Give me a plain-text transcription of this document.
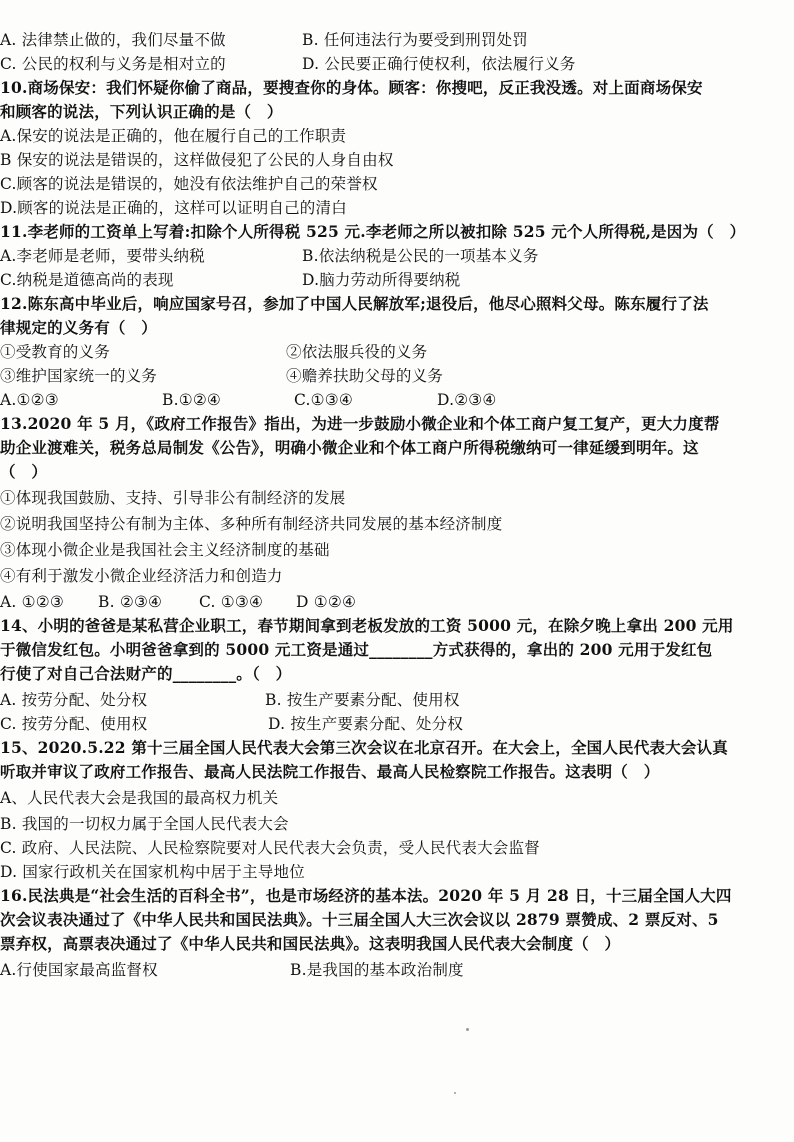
A. 法律禁止做的，我们尽量不做	B. 任何违法行为要受到刑罚处罚
C. 公民的权利与义务是相对立的	D. 公民要正确行使权利，依法履行义务
10.商场保安：我们怀疑你偷了商品，要搜查你的身体。顾客：你搜吧，反正我没透。对上面商场保安
和顾客的说法，下列认识正确的是（　）
A.保安的说法是正确的，他在履行自己的工作职责
B 保安的说法是错误的，这样做侵犯了公民的人身自由权
C.顾客的说法是错误的，她没有依法维护自己的荣誉权
D.顾客的说法是正确的，这样可以证明自己的清白
11.李老师的工资单上写着:扣除个人所得税 525 元.李老师之所以被扣除 525 元个人所得税,是因为（　）
A.李老师是老师，要带头纳税	B.依法纳税是公民的一项基本义务
C.纳税是道德高尚的表现	D.脑力劳动所得要纳税
12.陈东高中毕业后，响应国家号召，参加了中国人民解放军;退役后，他尽心照料父母。陈东履行了法
律规定的义务有（　）
①受教育的义务	②依法服兵役的义务
③维护国家统一的义务	④赡养扶助父母的义务
A.①②③	B.①②④	C.①③④	D.②③④
13.2020 年 5 月，《政府工作报告》指出，为进一步鼓励小微企业和个体工商户复工复产，更大力度帮
助企业渡难关，税务总局制发《公告》，明确小微企业和个体工商户所得税缴纳可一律延缓到明年。这
（　）
①体现我国鼓励、支持、引导非公有制经济的发展
②说明我国坚持公有制为主体、多种所有制经济共同发展的基本经济制度
③体现小微企业是我国社会主义经济制度的基础
④有利于激发小微企业经济活力和创造力
A. ①②③ B. ②③④ C. ①③④ D ①②④
14、小明的爸爸是某私营企业职工，春节期间拿到老板发放的工资 5000 元，在除夕晚上拿出 200 元用
于微信发红包。小明爸爸拿到的 5000 元工资是通过________方式获得的，拿出的 200 元用于发红包
行使了对自己合法财产的________。（　）
A. 按劳分配、处分权	B. 按生产要素分配、使用权
C. 按劳分配、使用权	D. 按生产要素分配、处分权
15、2020.5.22 第十三届全国人民代表大会第三次会议在北京召开。在大会上，全国人民代表大会认真
听取并审议了政府工作报告、最高人民法院工作报告、最高人民检察院工作报告。这表明（　）
A、人民代表大会是我国的最高权力机关
B. 我国的一切权力属于全国人民代表大会
C. 政府、人民法院、人民检察院要对人民代表大会负责，受人民代表大会监督
D. 国家行政机关在国家机构中居于主导地位
16.民法典是“社会生活的百科全书”，也是市场经济的基本法。2020 年 5 月 28 日，十三届全国人大四
次会议表决通过了《中华人民共和国民法典》。十三届全国人大三次会议以 2879 票赞成、2 票反对、5
票弃权，高票表决通过了《中华人民共和国民法典》。这表明我国人民代表大会制度（　）
A.行使国家最高监督权	B.是我国的基本政治制度
